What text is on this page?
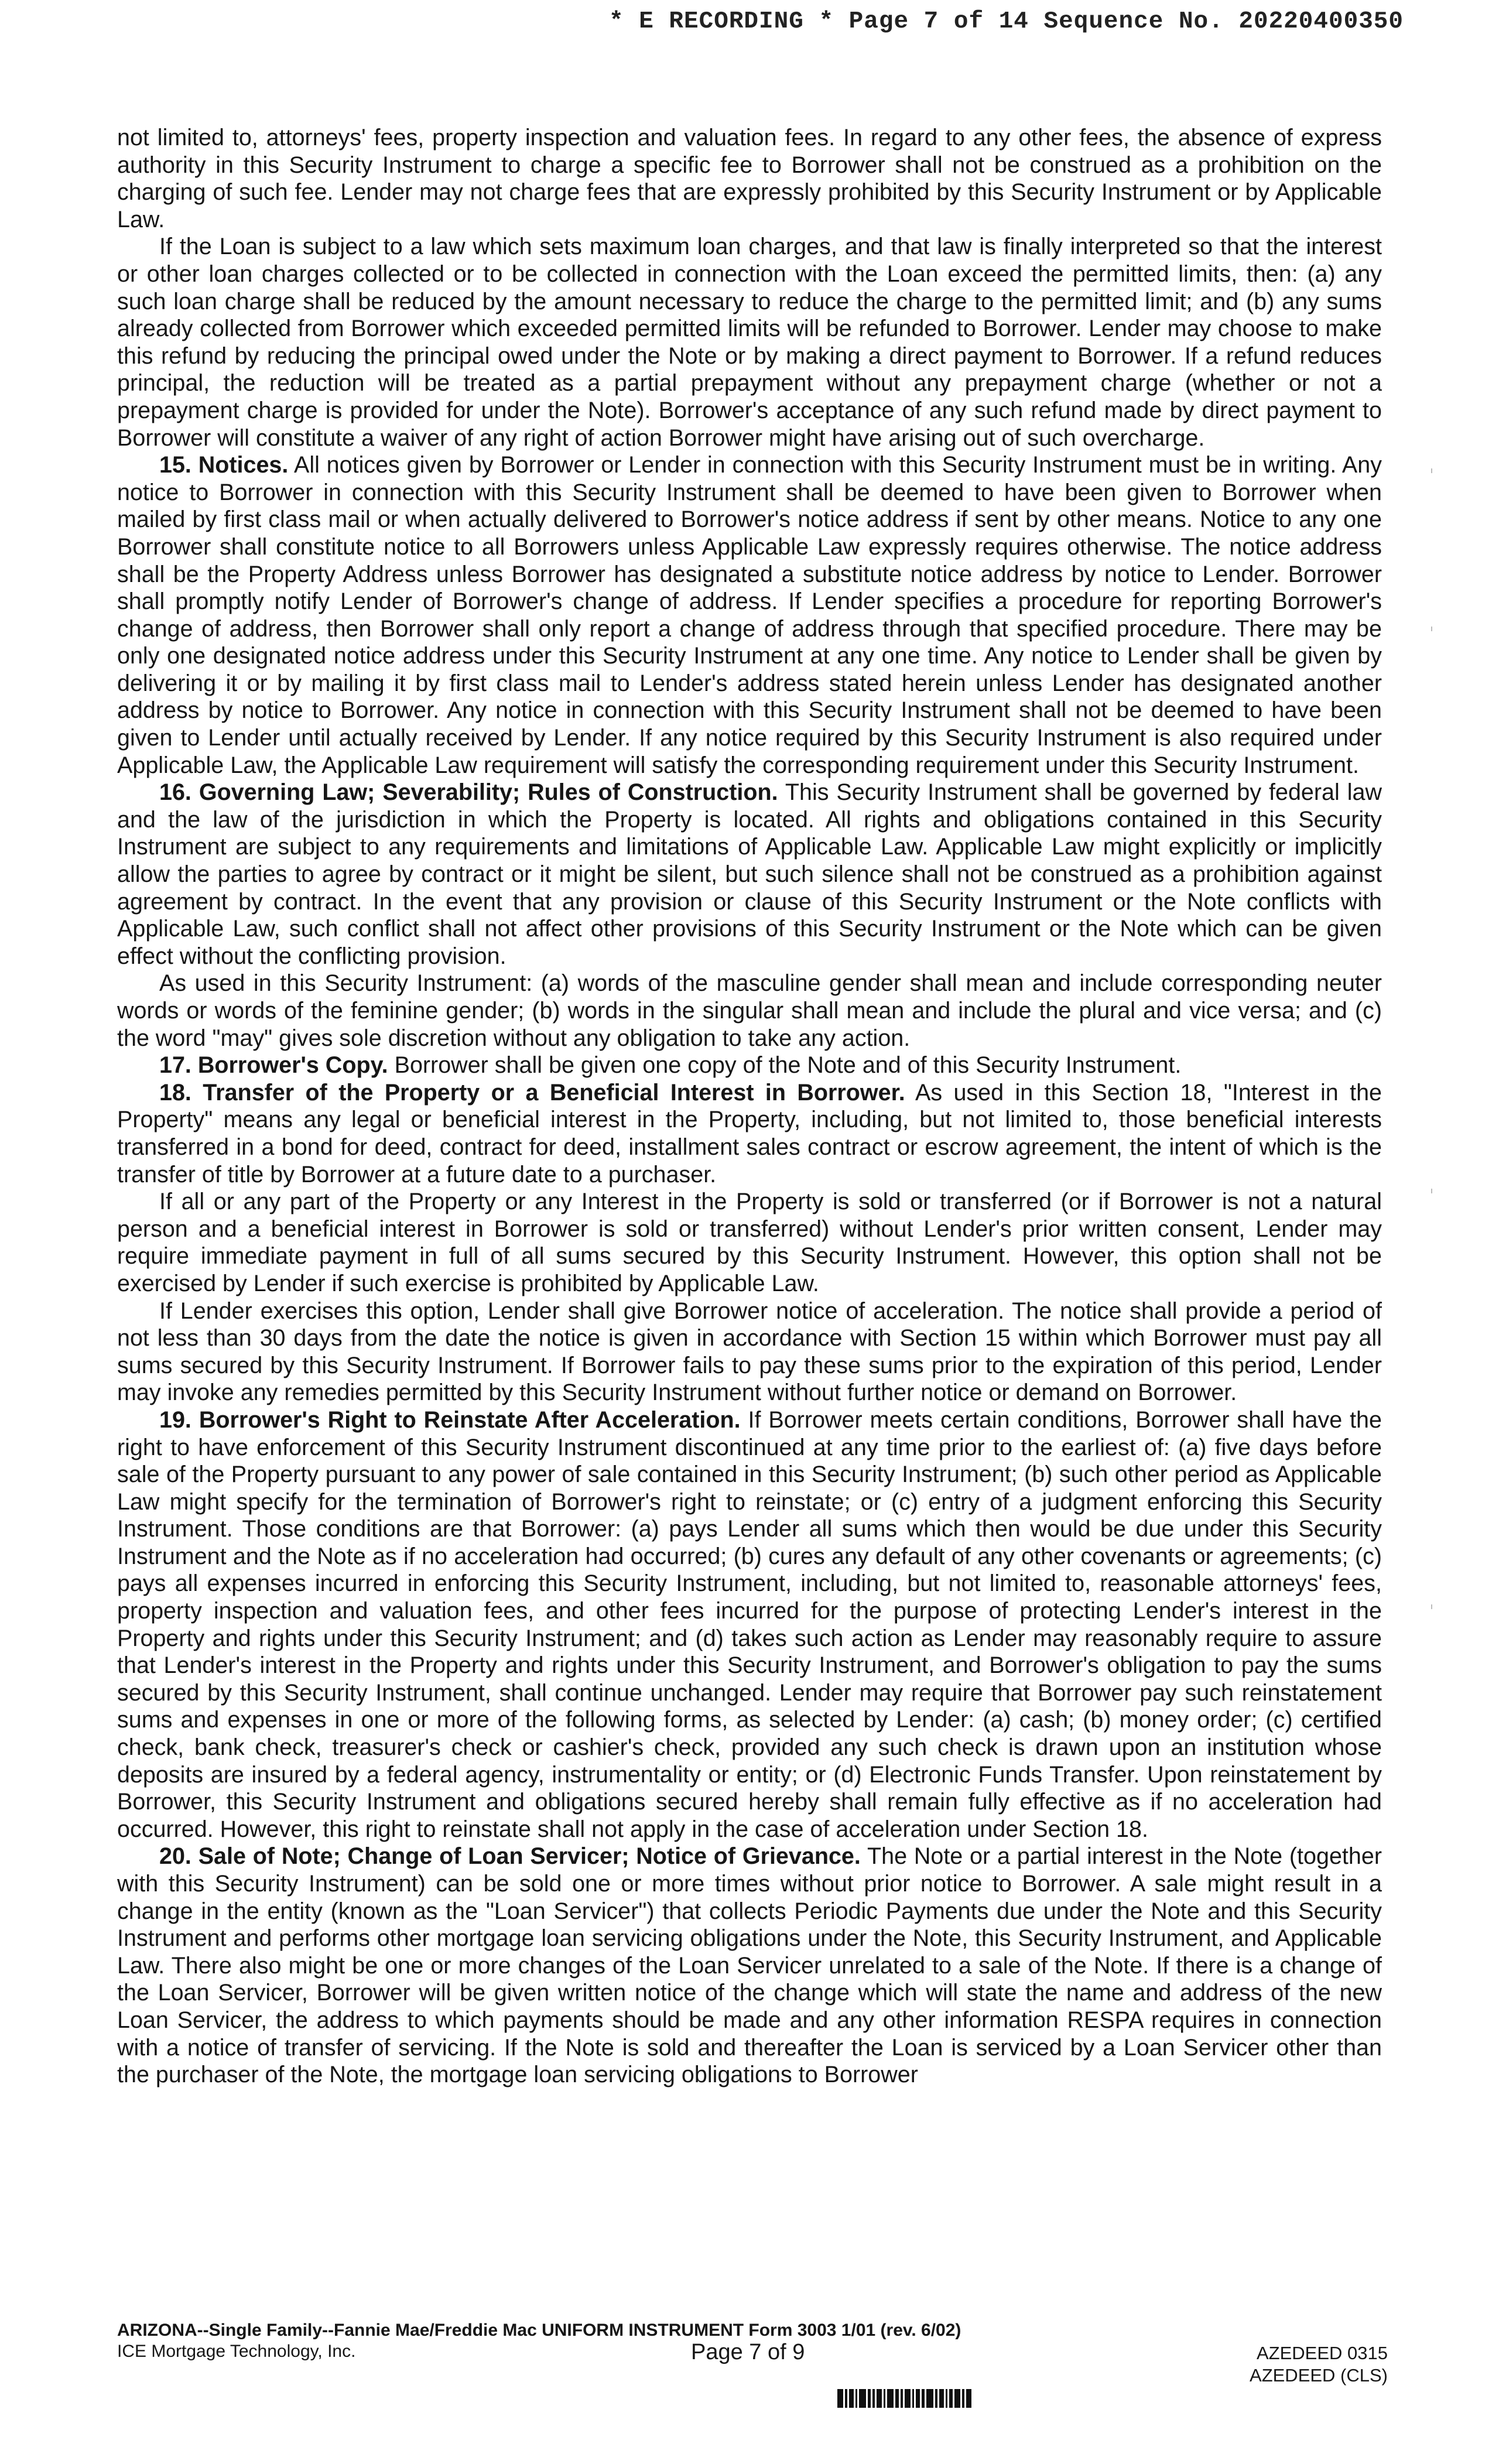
* E RECORDING * Page 7 of 14 Sequence No. 20220400350

not limited to, attorneys' fees, property inspection and valuation fees. In regard to any other fees, the absence of express authority in this Security Instrument to charge a specific fee to Borrower shall not be construed as a prohibition on the charging of such fee. Lender may not charge fees that are expressly prohibited by this Security Instrument or by Applicable Law.

If the Loan is subject to a law which sets maximum loan charges, and that law is finally interpreted so that the interest or other loan charges collected or to be collected in connection with the Loan exceed the permitted limits, then: (a) any such loan charge shall be reduced by the amount necessary to reduce the charge to the permitted limit; and (b) any sums already collected from Borrower which exceeded permitted limits will be refunded to Borrower. Lender may choose to make this refund by reducing the principal owed under the Note or by making a direct payment to Borrower. If a refund reduces principal, the reduction will be treated as a partial prepayment without any prepayment charge (whether or not a prepayment charge is provided for under the Note). Borrower's acceptance of any such refund made by direct payment to Borrower will constitute a waiver of any right of action Borrower might have arising out of such overcharge.

15. Notices. All notices given by Borrower or Lender in connection with this Security Instrument must be in writing. Any notice to Borrower in connection with this Security Instrument shall be deemed to have been given to Borrower when mailed by first class mail or when actually delivered to Borrower's notice address if sent by other means. Notice to any one Borrower shall constitute notice to all Borrowers unless Applicable Law expressly requires otherwise. The notice address shall be the Property Address unless Borrower has designated a substitute notice address by notice to Lender. Borrower shall promptly notify Lender of Borrower's change of address. If Lender specifies a procedure for reporting Borrower's change of address, then Borrower shall only report a change of address through that specified procedure. There may be only one designated notice address under this Security Instrument at any one time. Any notice to Lender shall be given by delivering it or by mailing it by first class mail to Lender's address stated herein unless Lender has designated another address by notice to Borrower. Any notice in connection with this Security Instrument shall not be deemed to have been given to Lender until actually received by Lender. If any notice required by this Security Instrument is also required under Applicable Law, the Applicable Law requirement will satisfy the corresponding requirement under this Security Instrument.

16. Governing Law; Severability; Rules of Construction. This Security Instrument shall be governed by federal law and the law of the jurisdiction in which the Property is located. All rights and obligations contained in this Security Instrument are subject to any requirements and limitations of Applicable Law. Applicable Law might explicitly or implicitly allow the parties to agree by contract or it might be silent, but such silence shall not be construed as a prohibition against agreement by contract. In the event that any provision or clause of this Security Instrument or the Note conflicts with Applicable Law, such conflict shall not affect other provisions of this Security Instrument or the Note which can be given effect without the conflicting provision.

As used in this Security Instrument: (a) words of the masculine gender shall mean and include corresponding neuter words or words of the feminine gender; (b) words in the singular shall mean and include the plural and vice versa; and (c) the word "may" gives sole discretion without any obligation to take any action.

17. Borrower's Copy. Borrower shall be given one copy of the Note and of this Security Instrument.

18. Transfer of the Property or a Beneficial Interest in Borrower. As used in this Section 18, "Interest in the Property" means any legal or beneficial interest in the Property, including, but not limited to, those beneficial interests transferred in a bond for deed, contract for deed, installment sales contract or escrow agreement, the intent of which is the transfer of title by Borrower at a future date to a purchaser.

If all or any part of the Property or any Interest in the Property is sold or transferred (or if Borrower is not a natural person and a beneficial interest in Borrower is sold or transferred) without Lender's prior written consent, Lender may require immediate payment in full of all sums secured by this Security Instrument. However, this option shall not be exercised by Lender if such exercise is prohibited by Applicable Law.

If Lender exercises this option, Lender shall give Borrower notice of acceleration. The notice shall provide a period of not less than 30 days from the date the notice is given in accordance with Section 15 within which Borrower must pay all sums secured by this Security Instrument. If Borrower fails to pay these sums prior to the expiration of this period, Lender may invoke any remedies permitted by this Security Instrument without further notice or demand on Borrower.

19. Borrower's Right to Reinstate After Acceleration. If Borrower meets certain conditions, Borrower shall have the right to have enforcement of this Security Instrument discontinued at any time prior to the earliest of: (a) five days before sale of the Property pursuant to any power of sale contained in this Security Instrument; (b) such other period as Applicable Law might specify for the termination of Borrower's right to reinstate; or (c) entry of a judgment enforcing this Security Instrument. Those conditions are that Borrower: (a) pays Lender all sums which then would be due under this Security Instrument and the Note as if no acceleration had occurred; (b) cures any default of any other covenants or agreements; (c) pays all expenses incurred in enforcing this Security Instrument, including, but not limited to, reasonable attorneys' fees, property inspection and valuation fees, and other fees incurred for the purpose of protecting Lender's interest in the Property and rights under this Security Instrument; and (d) takes such action as Lender may reasonably require to assure that Lender's interest in the Property and rights under this Security Instrument, and Borrower's obligation to pay the sums secured by this Security Instrument, shall continue unchanged. Lender may require that Borrower pay such reinstatement sums and expenses in one or more of the following forms, as selected by Lender: (a) cash; (b) money order; (c) certified check, bank check, treasurer's check or cashier's check, provided any such check is drawn upon an institution whose deposits are insured by a federal agency, instrumentality or entity; or (d) Electronic Funds Transfer. Upon reinstatement by Borrower, this Security Instrument and obligations secured hereby shall remain fully effective as if no acceleration had occurred. However, this right to reinstate shall not apply in the case of acceleration under Section 18.

20. Sale of Note; Change of Loan Servicer; Notice of Grievance. The Note or a partial interest in the Note (together with this Security Instrument) can be sold one or more times without prior notice to Borrower. A sale might result in a change in the entity (known as the "Loan Servicer") that collects Periodic Payments due under the Note and this Security Instrument and performs other mortgage loan servicing obligations under the Note, this Security Instrument, and Applicable Law. There also might be one or more changes of the Loan Servicer unrelated to a sale of the Note. If there is a change of the Loan Servicer, Borrower will be given written notice of the change which will state the name and address of the new Loan Servicer, the address to which payments should be made and any other information RESPA requires in connection with a notice of transfer of servicing. If the Note is sold and thereafter the Loan is serviced by a Loan Servicer other than the purchaser of the Note, the mortgage loan servicing obligations to Borrower

ARIZONA--Single Family--Fannie Mae/Freddie Mac UNIFORM INSTRUMENT Form 3003 1/01 (rev. 6/02)
ICE Mortgage Technology, Inc.	Page 7 of 9	AZEDEED 0315
AZEDEED (CLS)
